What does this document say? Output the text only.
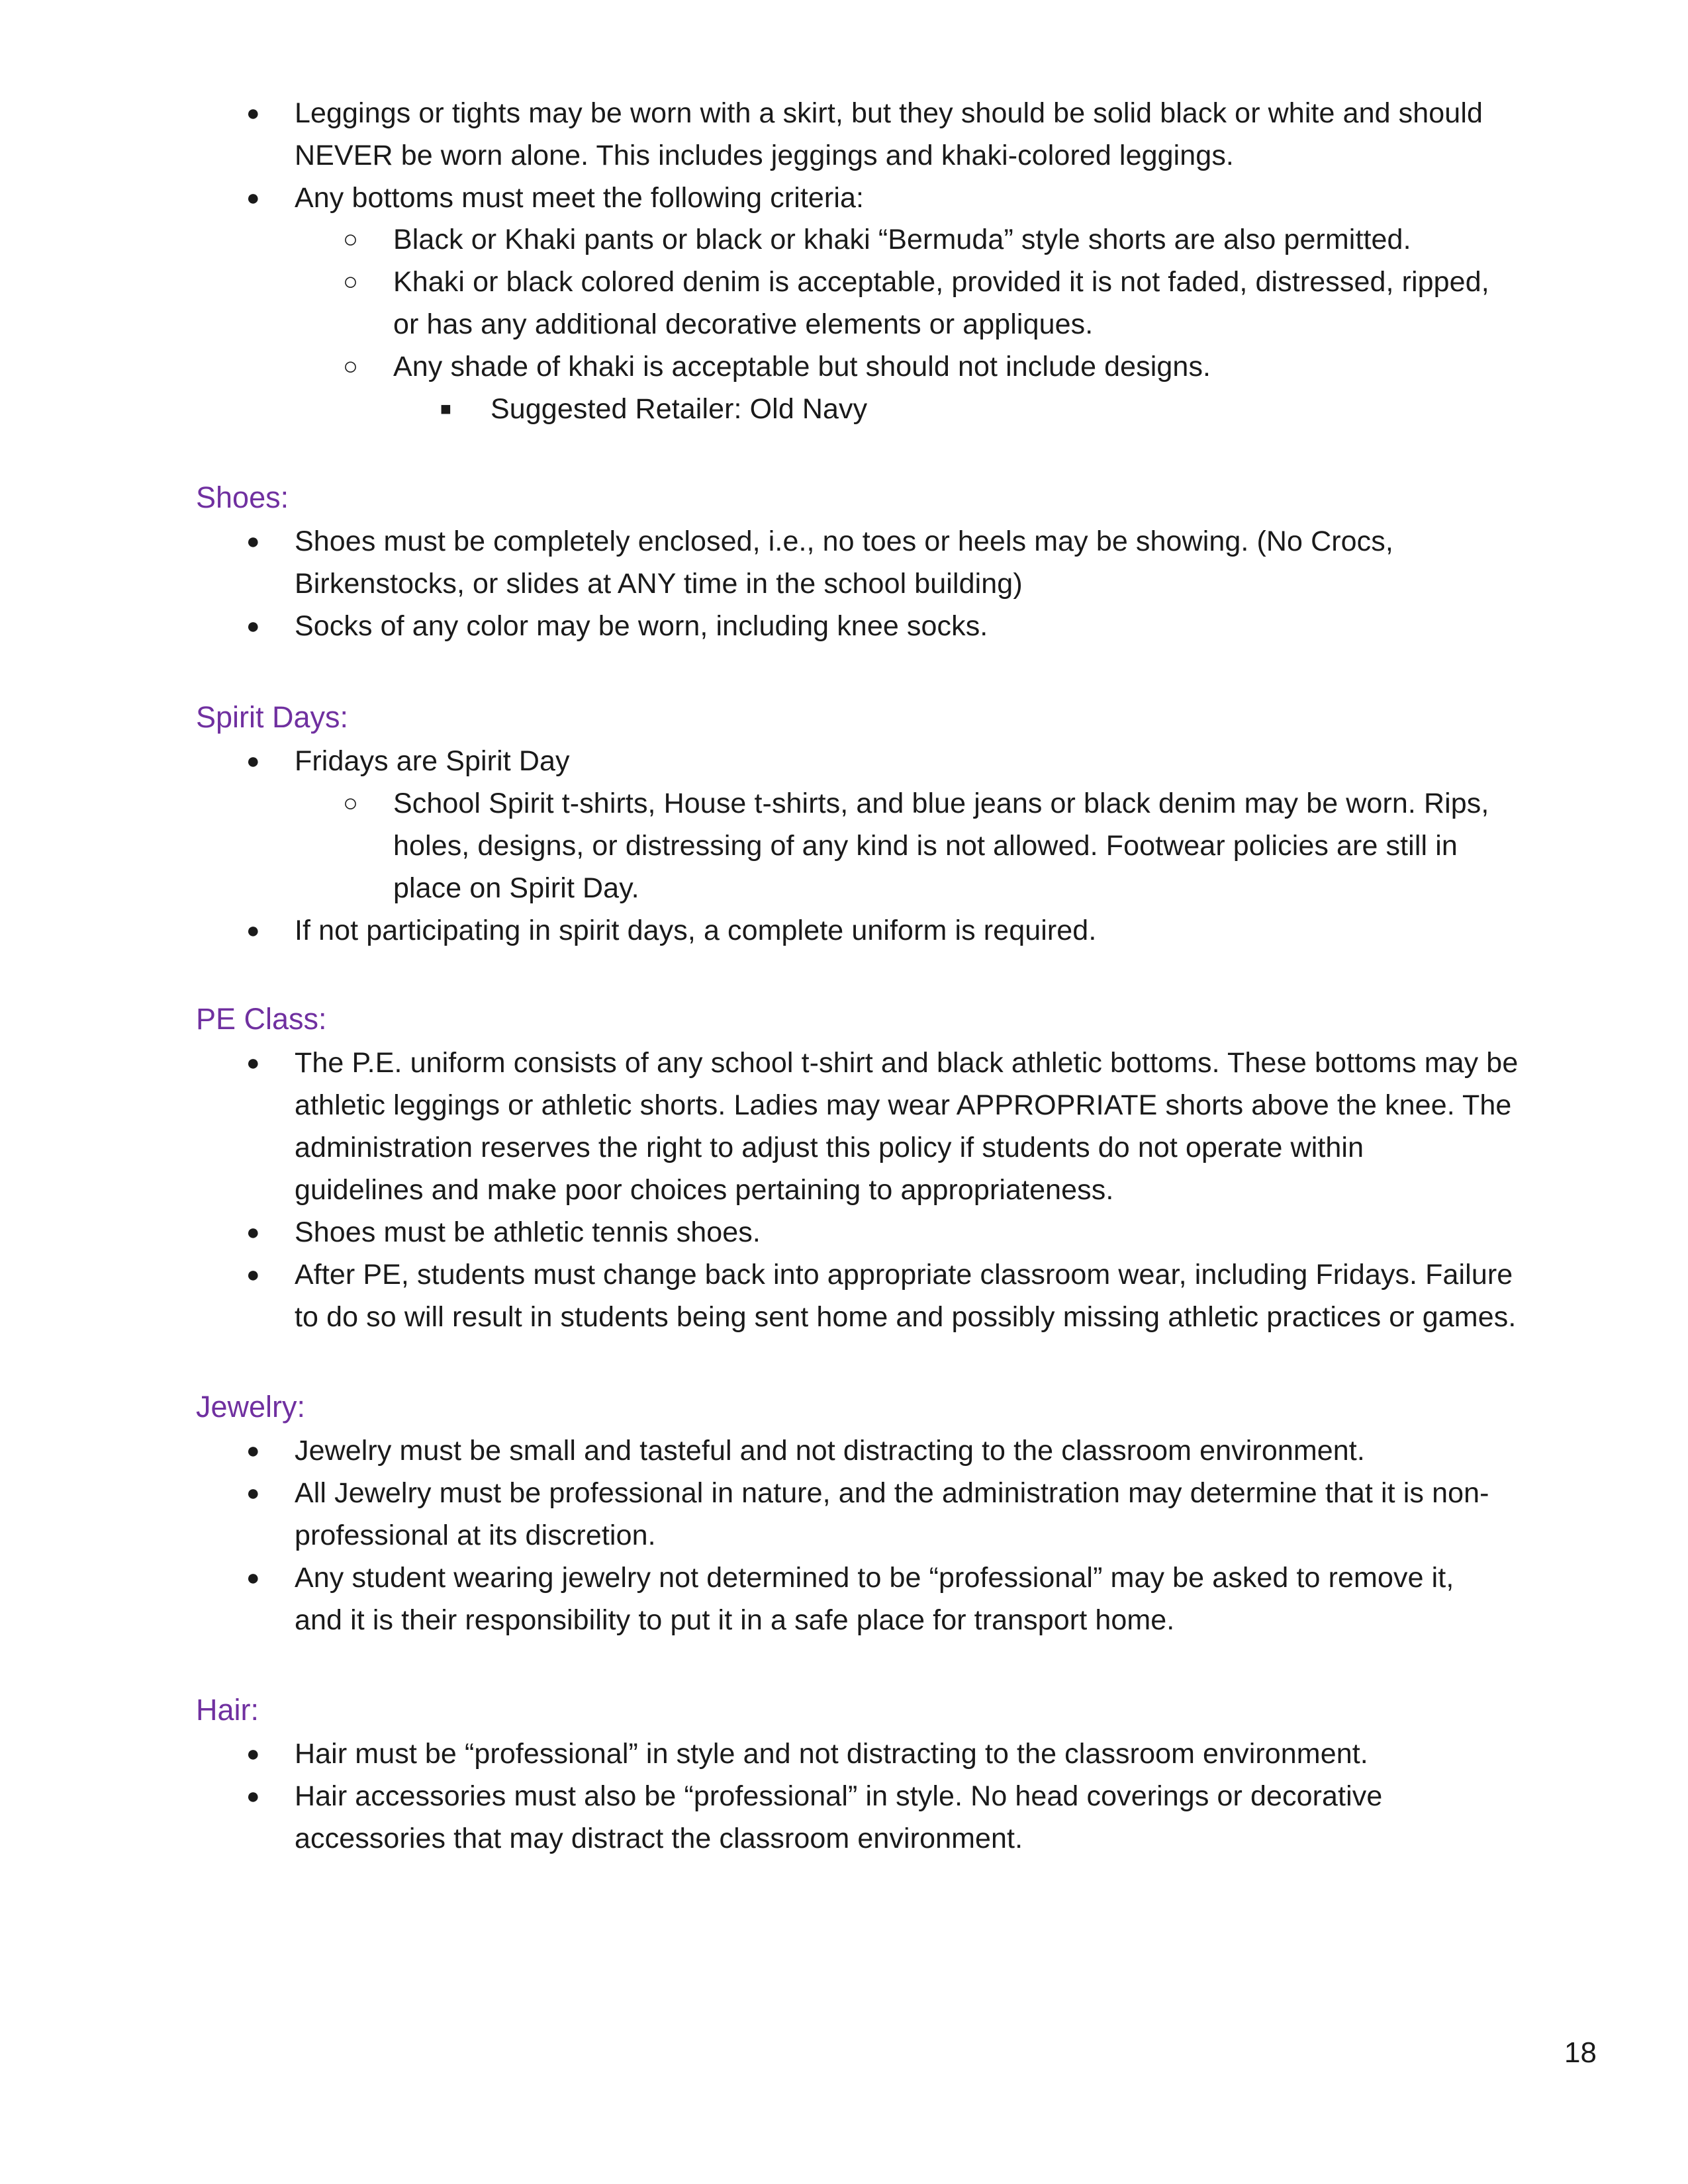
● Leggings or tights may be worn with a skirt, but they should be solid black or white and should
NEVER be worn alone. This includes jeggings and khaki-colored leggings.
● Any bottoms must meet the following criteria:
○ Black or Khaki pants or black or khaki “Bermuda” style shorts are also permitted.
○ Khaki or black colored denim is acceptable, provided it is not faded, distressed, ripped,
or has any additional decorative elements or appliques.
○ Any shade of khaki is acceptable but should not include designs.
■ Suggested Retailer: Old Navy
Shoes:
● Shoes must be completely enclosed, i.e., no toes or heels may be showing. (No Crocs,
Birkenstocks, or slides at ANY time in the school building)
● Socks of any color may be worn, including knee socks.
Spirit Days:
● Fridays are Spirit Day
○ School Spirit t-shirts, House t-shirts, and blue jeans or black denim may be worn. Rips,
holes, designs, or distressing of any kind is not allowed. Footwear policies are still in
place on Spirit Day.
● If not participating in spirit days, a complete uniform is required.
PE Class:
● The P.E. uniform consists of any school t-shirt and black athletic bottoms. These bottoms may be
athletic leggings or athletic shorts. Ladies may wear APPROPRIATE shorts above the knee. The
administration reserves the right to adjust this policy if students do not operate within
guidelines and make poor choices pertaining to appropriateness.
● Shoes must be athletic tennis shoes.
● After PE, students must change back into appropriate classroom wear, including Fridays. Failure
to do so will result in students being sent home and possibly missing athletic practices or games.
Jewelry:
● Jewelry must be small and tasteful and not distracting to the classroom environment.
● All Jewelry must be professional in nature, and the administration may determine that it is non-
professional at its discretion.
● Any student wearing jewelry not determined to be “professional” may be asked to remove it,
and it is their responsibility to put it in a safe place for transport home.
Hair:
● Hair must be “professional” in style and not distracting to the classroom environment.
● Hair accessories must also be “professional” in style. No head coverings or decorative
accessories that may distract the classroom environment.
18
